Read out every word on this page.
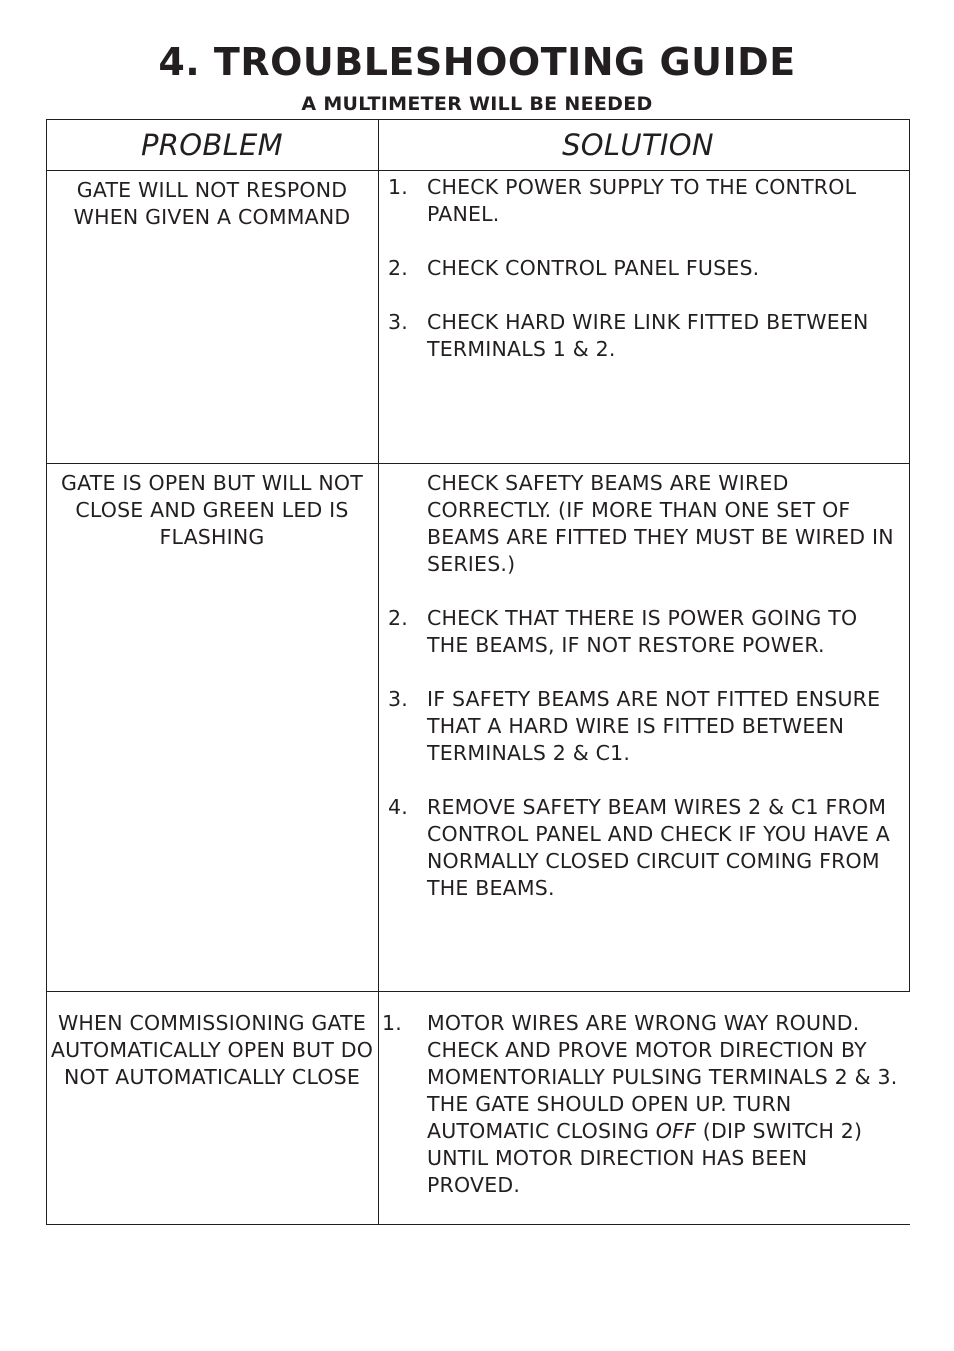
4. TROUBLESHOOTING GUIDE
A MULTIMETER WILL BE NEEDED
PROBLEM	SOLUTION
GATE WILL NOT RESPOND WHEN GIVEN A COMMAND
1. CHECK POWER SUPPLY TO THE CONTROL PANEL.
2. CHECK CONTROL PANEL FUSES.
3. CHECK HARD WIRE LINK FITTED BETWEEN TERMINALS 1 & 2.
GATE IS OPEN BUT WILL NOT CLOSE AND GREEN LED IS FLASHING
CHECK SAFETY BEAMS ARE WIRED CORRECTLY. (IF MORE THAN ONE SET OF BEAMS ARE FITTED THEY MUST BE WIRED IN SERIES.)
2. CHECK THAT THERE IS POWER GOING TO THE BEAMS, IF NOT RESTORE POWER.
3. IF SAFETY BEAMS ARE NOT FITTED ENSURE THAT A HARD WIRE IS FITTED BETWEEN TERMINALS 2 & C1.
4. REMOVE SAFETY BEAM WIRES 2 & C1 FROM CONTROL PANEL AND CHECK IF YOU HAVE A NORMALLY CLOSED CIRCUIT COMING FROM THE BEAMS.
WHEN COMMISSIONING GATE AUTOMATICALLY OPEN BUT DO NOT AUTOMATICALLY CLOSE
1. MOTOR WIRES ARE WRONG WAY ROUND. CHECK AND PROVE MOTOR DIRECTION BY MOMENTORIALLY PULSING TERMINALS 2 & 3. THE GATE SHOULD OPEN UP. TURN AUTOMATIC CLOSING OFF (DIP SWITCH 2) UNTIL MOTOR DIRECTION HAS BEEN PROVED.
